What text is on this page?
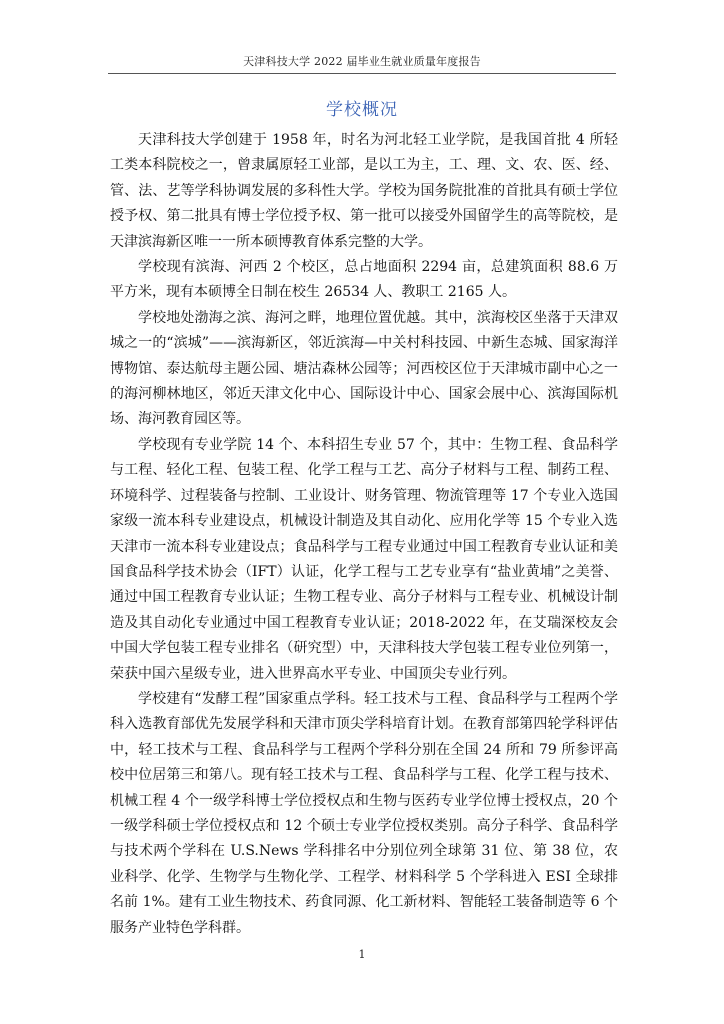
天津科技大学 2022 届毕业生就业质量年度报告
学校概况

天津科技大学创建于 1958 年，时名为河北轻工业学院，是我国首批 4 所轻工类本科院校之一，曾隶属原轻工业部，是以工为主，工、理、文、农、医、经、管、法、艺等学科协调发展的多科性大学。学校为国务院批准的首批具有硕士学位授予权、第二批具有博士学位授予权、第一批可以接受外国留学生的高等院校，是天津滨海新区唯一一所本硕博教育体系完整的大学。

学校现有滨海、河西 2 个校区，总占地面积 2294 亩，总建筑面积 88.6 万平方米，现有本硕博全日制在校生 26534 人、教职工 2165 人。

学校地处渤海之滨、海河之畔，地理位置优越。其中，滨海校区坐落于天津双城之一的“滨城”——滨海新区，邻近滨海—中关村科技园、中新生态城、国家海洋博物馆、泰达航母主题公园、塘沽森林公园等；河西校区位于天津城市副中心之一的海河柳林地区，邻近天津文化中心、国际设计中心、国家会展中心、滨海国际机场、海河教育园区等。

学校现有专业学院 14 个、本科招生专业 57 个，其中：生物工程、食品科学与工程、轻化工程、包装工程、化学工程与工艺、高分子材料与工程、制药工程、环境科学、过程装备与控制、工业设计、财务管理、物流管理等 17 个专业入选国家级一流本科专业建设点，机械设计制造及其自动化、应用化学等 15 个专业入选天津市一流本科专业建设点；食品科学与工程专业通过中国工程教育专业认证和美国食品科学技术协会（IFT）认证，化学工程与工艺专业享有“盐业黄埔”之美誉、通过中国工程教育专业认证；生物工程专业、高分子材料与工程专业、机械设计制造及其自动化专业通过中国工程教育专业认证；2018-2022 年，在艾瑞深校友会中国大学包装工程专业排名（研究型）中，天津科技大学包装工程专业位列第一，荣获中国六星级专业，进入世界高水平专业、中国顶尖专业行列。

学校建有“发酵工程”国家重点学科。轻工技术与工程、食品科学与工程两个学科入选教育部优先发展学科和天津市顶尖学科培育计划。在教育部第四轮学科评估中，轻工技术与工程、食品科学与工程两个学科分别在全国 24 所和 79 所参评高校中位居第三和第八。现有轻工技术与工程、食品科学与工程、化学工程与技术、机械工程 4 个一级学科博士学位授权点和生物与医药专业学位博士授权点，20 个一级学科硕士学位授权点和 12 个硕士专业学位授权类别。高分子科学、食品科学与技术两个学科在 U.S.News 学科排名中分别位列全球第 31 位、第 38 位，农业科学、化学、生物学与生物化学、工程学、材料科学 5 个学科进入 ESI 全球排名前 1%。建有工业生物技术、药食同源、化工新材料、智能轻工装备制造等 6 个服务产业特色学科群。

1
